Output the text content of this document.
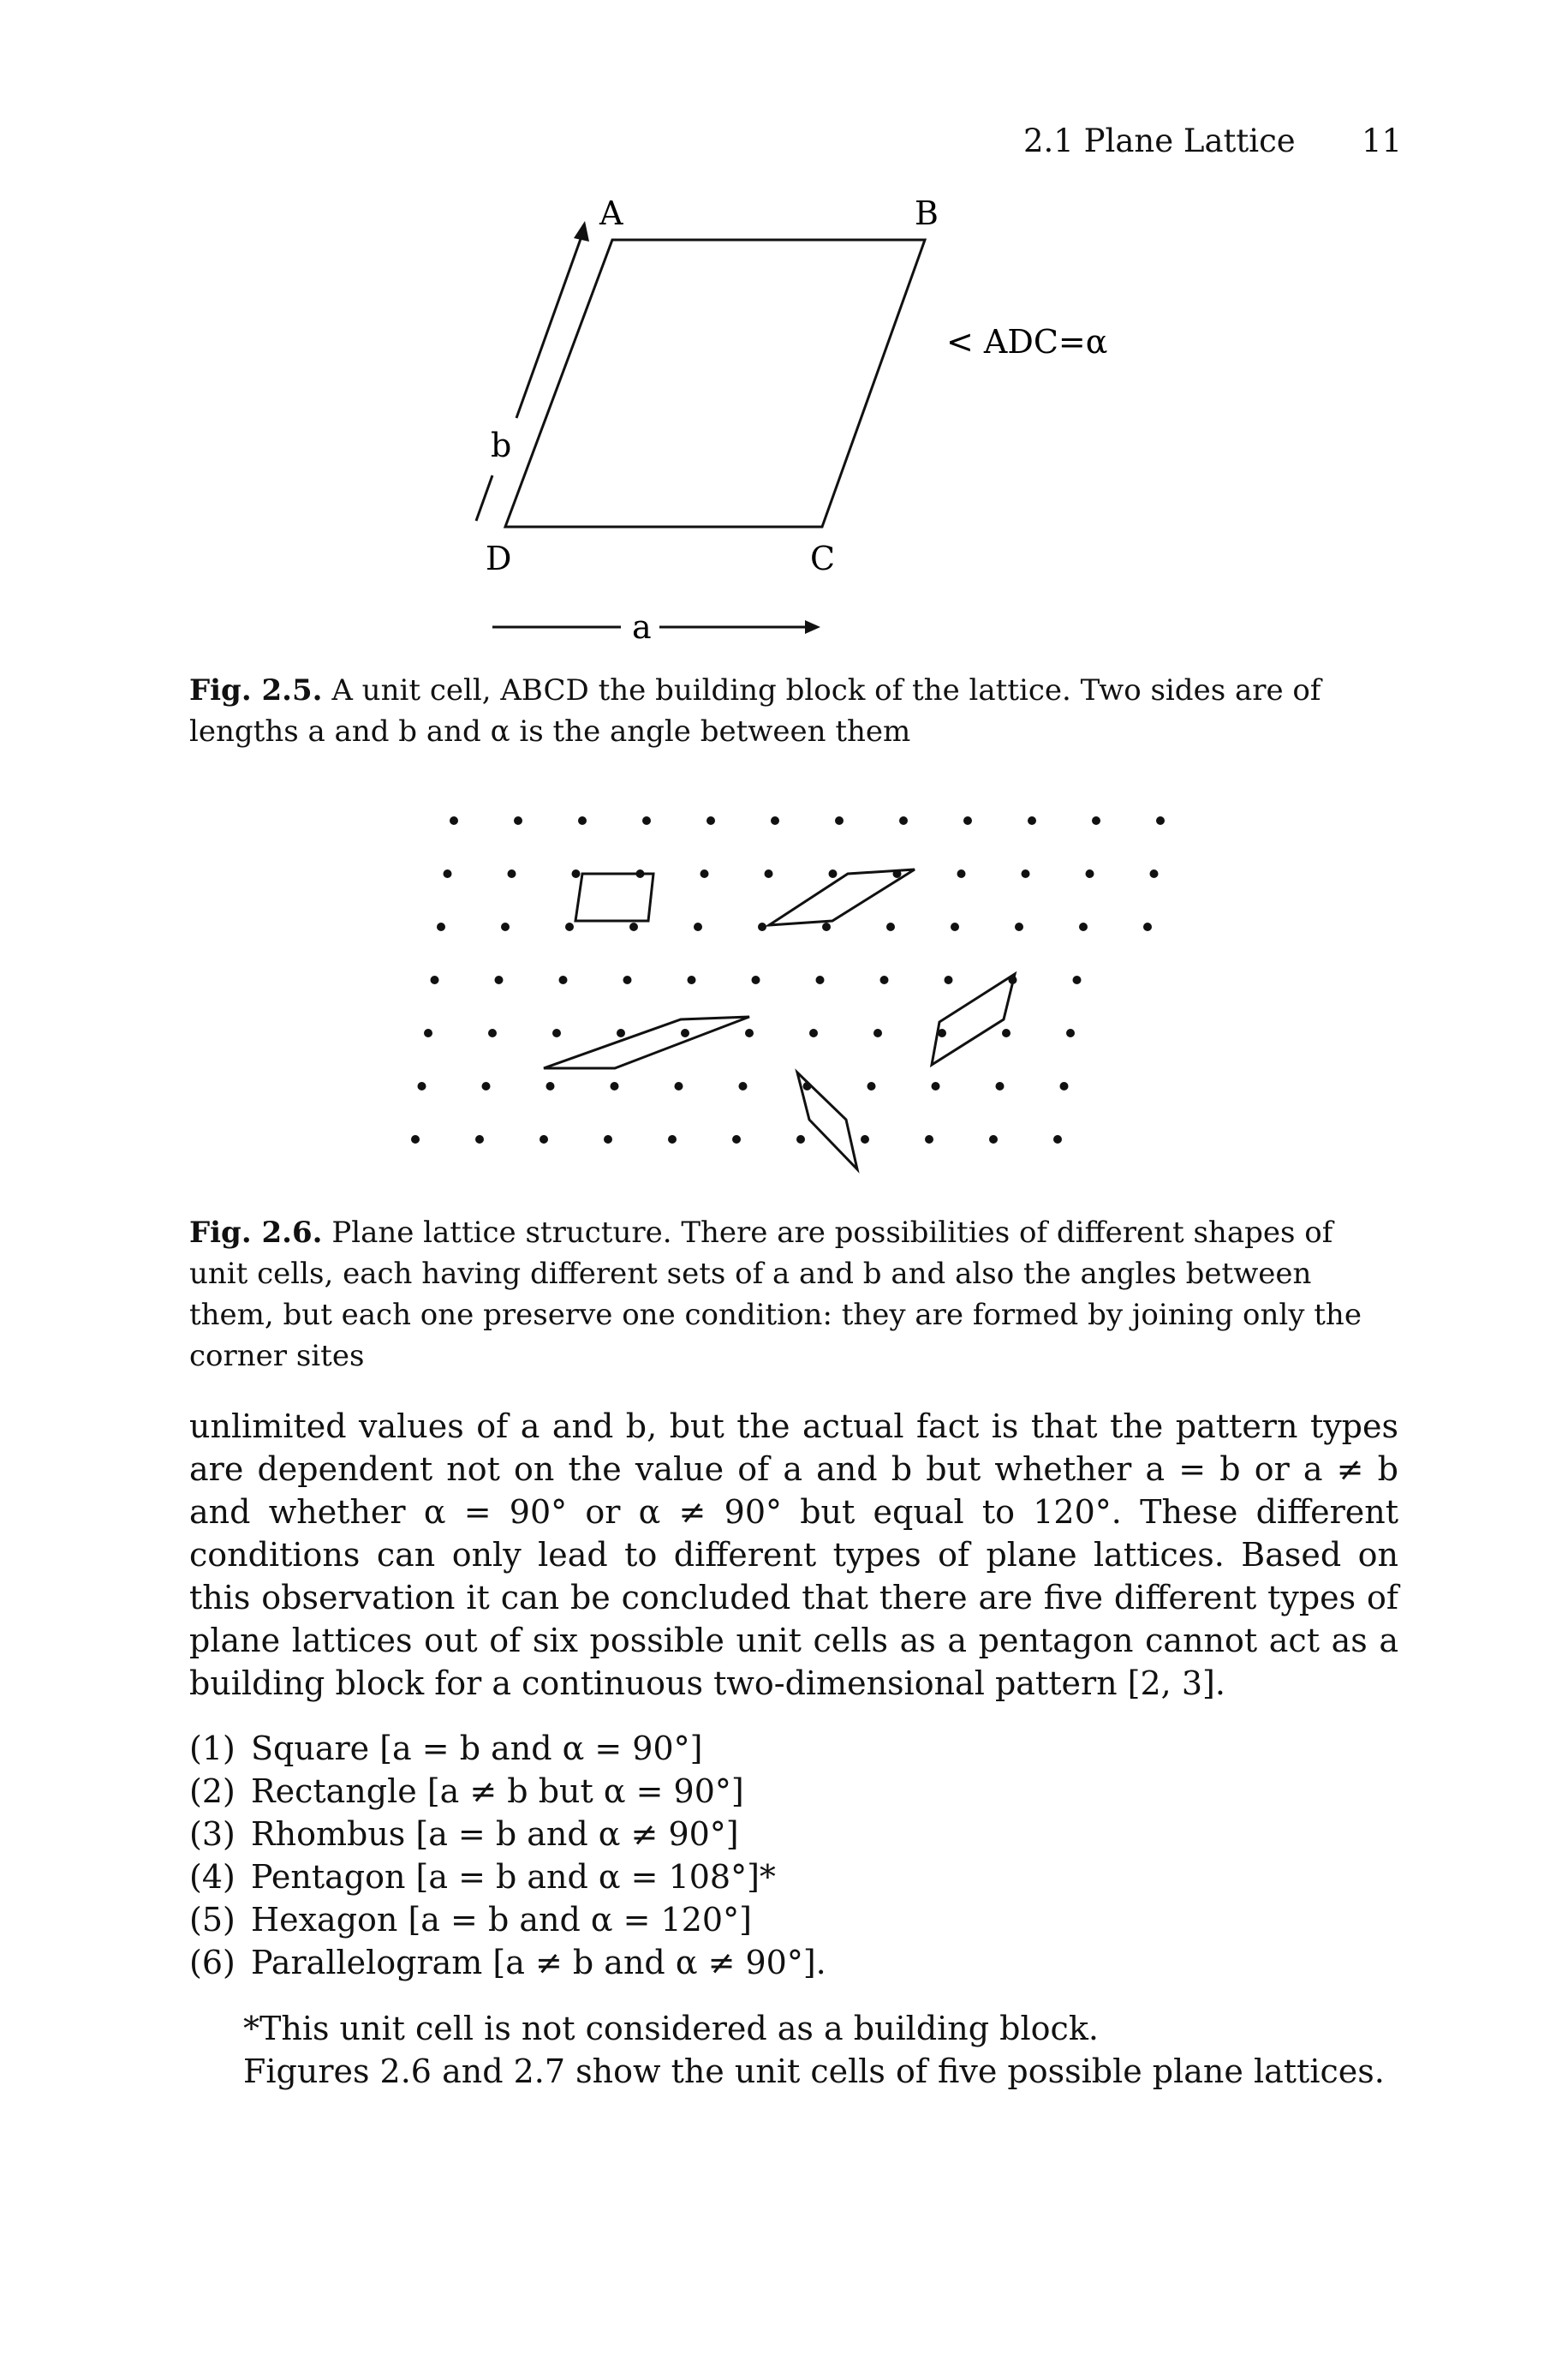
2.1 Plane Lattice 11
A	B
C
D
b
a
< ADC=α

Fig. 2.5. A unit cell, ABCD the building block of the lattice. Two sides are of lengths a and b and α is the angle between them

Fig. 2.6. Plane lattice structure. There are possibilities of different shapes of unit cells, each having different sets of a and b and also the angles between them, but each one preserve one condition: they are formed by joining only the corner sites

unlimited values of a and b, but the actual fact is that the pattern types are dependent not on the value of a and b but whether a = b or a ≠ b and whether α = 90° or α ≠ 90° but equal to 120°. These different conditions can only lead to different types of plane lattices. Based on this observation it can be concluded that there are five different types of plane lattices out of six possible unit cells as a pentagon cannot act as a building block for a continuous two-dimensional pattern [2, 3].

(1) Square [a = b and α = 90°]
(2) Rectangle [a ≠ b but α = 90°]
(3) Rhombus [a = b and α ≠ 90°]
(4) Pentagon [a = b and α = 108°]*
(5) Hexagon [a = b and α = 120°]
(6) Parallelogram [a ≠ b and α ≠ 90°].

*This unit cell is not considered as a building block.

Figures 2.6 and 2.7 show the unit cells of five possible plane lattices.
